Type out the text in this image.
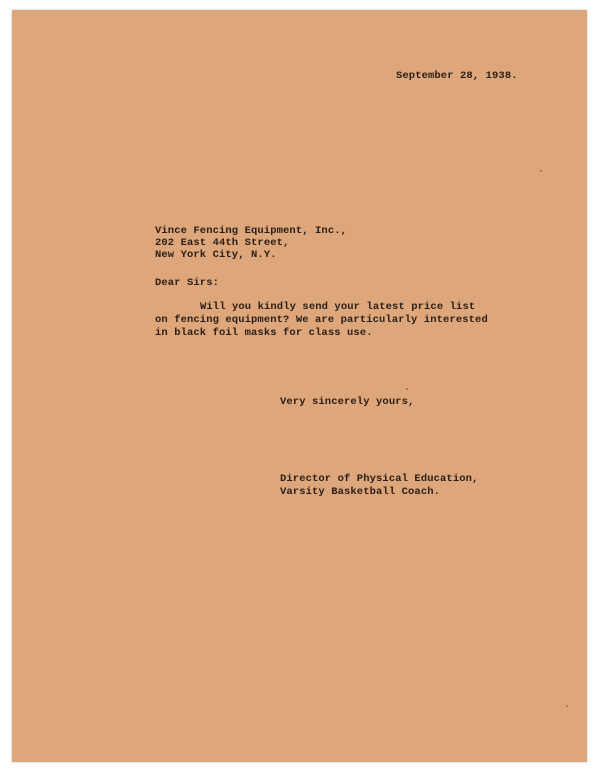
September 28, 1938.
Vince Fencing Equipment, Inc.,
202 East 44th Street,
New York City, N.Y.
Dear Sirs:
Will you kindly send your latest price list
on fencing equipment? We are particularly interested
in black foil masks for class use.
Very sincerely yours,
Director of Physical Education,
Varsity Basketball Coach.
